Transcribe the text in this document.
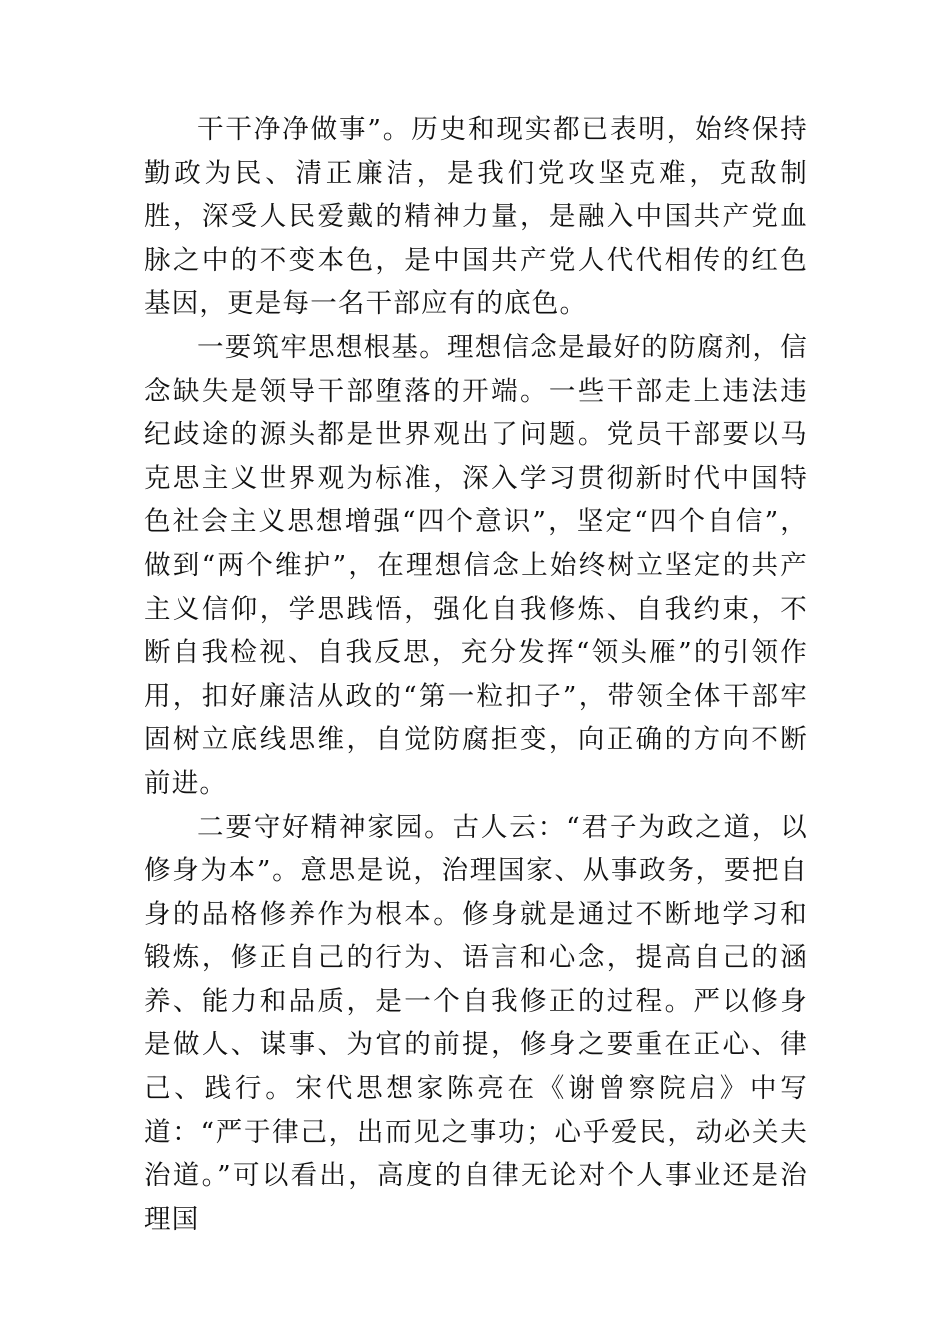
干干净净做事”。历史和现实都已表明，始终保持勤政为民、清正廉洁，是我们党攻坚克难，克敌制胜，深受人民爱戴的精神力量，是融入中国共产党血脉之中的不变本色，是中国共产党人代代相传的红色基因，更是每一名干部应有的底色。

一要筑牢思想根基。理想信念是最好的防腐剂，信念缺失是领导干部堕落的开端。一些干部走上违法违纪歧途的源头都是世界观出了问题。党员干部要以马克思主义世界观为标准，深入学习贯彻新时代中国特色社会主义思想增强“四个意识”，坚定“四个自信”，做到“两个维护”，在理想信念上始终树立坚定的共产主义信仰，学思践悟，强化自我修炼、自我约束，不断自我检视、自我反思，充分发挥“领头雁”的引领作用，扣好廉洁从政的“第一粒扣子”，带领全体干部牢固树立底线思维，自觉防腐拒变，向正确的方向不断前进。

二要守好精神家园。古人云：“君子为政之道，以修身为本”。意思是说，治理国家、从事政务，要把自身的品格修养作为根本。修身就是通过不断地学习和锻炼，修正自己的行为、语言和心念，提高自己的涵养、能力和品质，是一个自我修正的过程。严以修身是做人、谋事、为官的前提，修身之要重在正心、律己、践行。宋代思想家陈亮在《谢曾察院启》中写道：“严于律己，出而见之事功；心乎爱民，动必关夫治道。”可以看出，高度的自律无论对个人事业还是治理国
